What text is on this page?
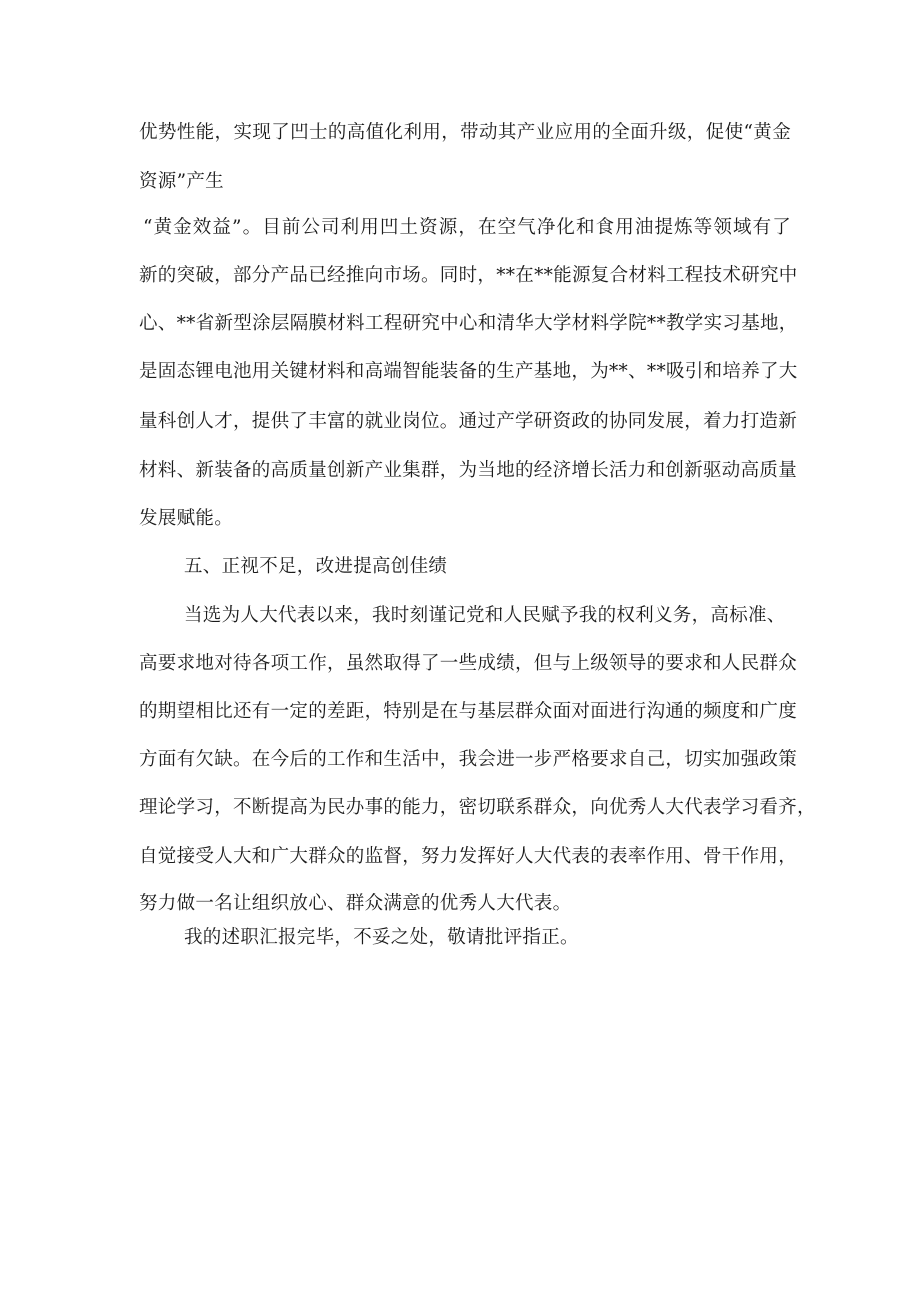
优势性能，实现了凹士的高值化利用，带动其产业应用的全面升级，促使“黄金
资源”产生
“黄金效益”。目前公司利用凹土资源，在空气净化和食用油提炼等领域有了
新的突破，部分产品已经推向市场。同时，**在**能源复合材料工程技术研究中
心、**省新型涂层隔膜材料工程研究中心和清华大学材料学院**教学实习基地，
是固态锂电池用关键材料和高端智能装备的生产基地，为**、**吸引和培养了大
量科创人才，提供了丰富的就业岗位。通过产学研资政的协同发展，着力打造新
材料、新装备的高质量创新产业集群，为当地的经济增长活力和创新驱动高质量
发展赋能。
五、正视不足，改进提高创佳绩
当选为人大代表以来，我时刻谨记党和人民赋予我的权利义务，高标准、
高要求地对待各项工作，虽然取得了一些成绩，但与上级领导的要求和人民群众
的期望相比还有一定的差距，特别是在与基层群众面对面进行沟通的频度和广度
方面有欠缺。在今后的工作和生活中，我会进一步严格要求自己，切实加强政策
理论学习，不断提高为民办事的能力，密切联系群众，向优秀人大代表学习看齐，
自觉接受人大和广大群众的监督，努力发挥好人大代表的表率作用、骨干作用，
努力做一名让组织放心、群众满意的优秀人大代表。
我的述职汇报完毕，不妥之处，敬请批评指正。
